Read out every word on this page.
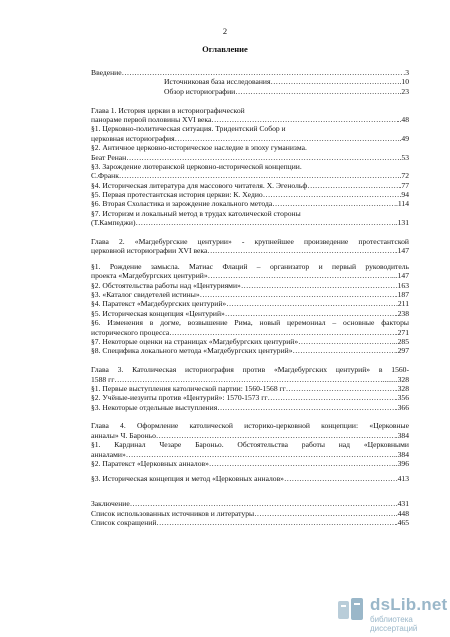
2
Оглавление
Введение …………………………………………………………………………………………………………………………………………………………………………………	.3
Источниковая база исследования …………………………………………………………………………………………………………………………………………………………………………………	.10
Обзор историографии …………………………………………………………………………………………………………………………………………………………………………………	.23
Глава 1. История церкви в историографической
панораме первой половины XVI века …………………………………………………………………………………………………………………………………………………………………………………	..48
§1. Церковно-политическая ситуация. Тридентский Собор и
церковная историография …………………………………………………………………………………………………………………………………………………………………………………	.49
§2. Античное церковно-историческое наследие в эпоху гуманизма.
Беат Ренан …………………………………………………………………………………………………………………………………………………………………………………	..53
§3. Зарождение лютеранской церковно-исторической концепции.
С.Франк …………………………………………………………………………………………………………………………………………………………………………………	.72
§4. Историческая литература для массового читателя. Х. Эгенольф …………………………………………………………………………………………………………………………………………………………………………………	.77
§5. Первая протестантская история церкви: К. Хедио …………………………………………………………………………………………………………………………………………………………………………………	.94
§6. Вторая Схоластика и зарождение локального метода …………………………………………………………………………………………………………………………………………………………………………………	..114
§7. Историзм и локальный метод в трудах католической стороны
(Т.Кампеджи) …………………………………………………………………………………………………………………………………………………………………………………	..131
Глава 2. «Магдебургские центурии» - крупнейшее произведение протестантской
церковной историографии XVI века …………………………………………………………………………………………………………………………………………………………………………………	.147
§1. Рождение замысла. Матиас Флаций – организатор и первый руководитель
проекта «Магдебургских центурий» …………………………………………………………………………………………………………………………………………………………………………………	....147
§2. Обстоятельства работы над «Центуриями» …………………………………………………………………………………………………………………………………………………………………………………	.163
§3. «Каталог свидетелей истины» …………………………………………………………………………………………………………………………………………………………………………………	.187
§4. Паратекст «Магдебургских центурий» …………………………………………………………………………………………………………………………………………………………………………………	.211
§5. Историческая концепция «Центурий» …………………………………………………………………………………………………………………………………………………………………………………	.238
§6. Изменения в догме, возвышение Рима, новый церемониал – основные факторы
исторического процесса …………………………………………………………………………………………………………………………………………………………………………………	.271
§7. Некоторые оценки на страницах «Магдебургских центурий» …………………………………………………………………………………………………………………………………………………………………………………	...285
§8. Специфика локального метода «Магдебургских центурий» …………………………………………………………………………………………………………………………………………………………………………………	.297
Глава 3. Католическая историография против «Магдебургских центурий» в 1560-
1588 гг …………………………………………………………………………………………………………………………………………………………………………………	........328
§1. Первые выступления католической партии: 1560-1568 гг …………………………………………………………………………………………………………………………………………………………………………………	.328
§2. Учёные-иезуиты против «Центурий»: 1570-1573 гг …………………………………………………………………………………………………………………………………………………………………………………	.356
§3. Некоторые отдельные выступления …………………………………………………………………………………………………………………………………………………………………………………	.366
Глава 4. Оформление католической историко-церковной концепции: «Церковные
анналы» Ч. Бароньо …………………………………………………………………………………………………………………………………………………………………………………	.384
§1. Кардинал Чезаре Бароньо. Обстоятельства работы над «Церковными
анналами» …………………………………………………………………………………………………………………………………………………………………………………	..384
§2. Паратекст «Церковных анналов» …………………………………………………………………………………………………………………………………………………………………………………	...396
§3. Историческая концепция и метод «Церковных анналов» …………………………………………………………………………………………………………………………………………………………………………………	.413
Заключение …………………………………………………………………………………………………………………………………………………………………………………	.431
Список использованных источников и литературы …………………………………………………………………………………………………………………………………………………………………………………	.448
Список сокращений …………………………………………………………………………………………………………………………………………………………………………………	.465
dsLib.net
библиотека диссертаций
